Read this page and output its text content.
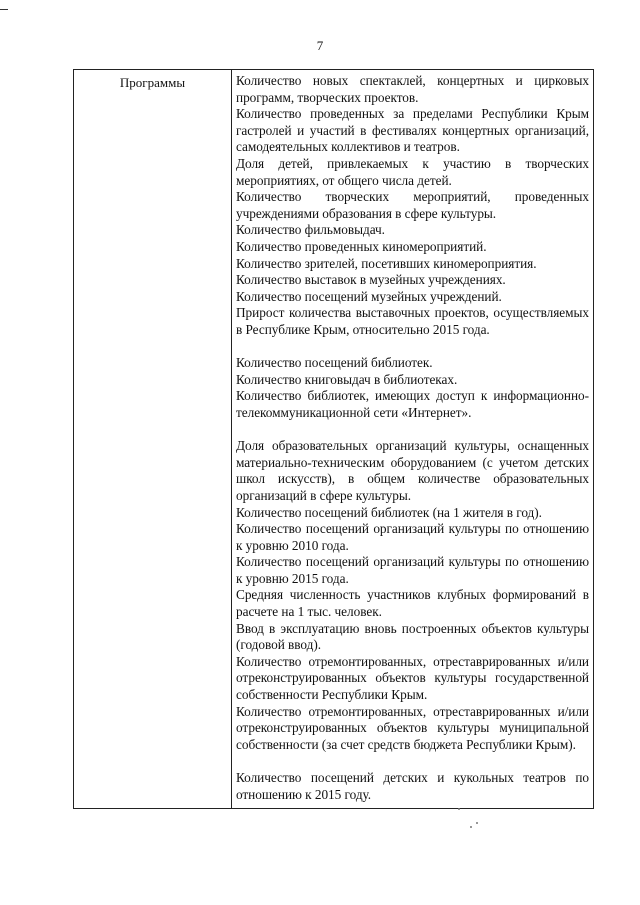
7
Программы	Количество новых спектаклей, концертных и цирковых программ, творческих проектов.
Количество проведенных за пределами Республики Крым гастролей и участий в фестивалях концертных организаций, самодеятельных коллективов и театров.
Доля детей, привлекаемых к участию в творческих мероприятиях, от общего числа детей.
Количество творческих мероприятий, проведенных учреждениями образования в сфере культуры.
Количество фильмовыдач.
Количество проведенных киномероприятий.
Количество зрителей, посетивших киномероприятия.
Количество выставок в музейных учреждениях.
Количество посещений музейных учреждений.
Прирост количества выставочных проектов, осуществляемых в Республике Крым, относительно 2015 года.
Количество посещений библиотек.
Количество книговыдач в библиотеках.
Количество библиотек, имеющих доступ к информационно-телекоммуникационной сети «Интернет».
Доля образовательных организаций культуры, оснащенных материально-техническим оборудованием (с учетом детских школ искусств), в общем количестве образовательных организаций в сфере культуры.
Количество посещений библиотек (на 1 жителя в год).
Количество посещений организаций культуры по отношению к уровню 2010 года.
Количество посещений организаций культуры по отношению к уровню 2015 года.
Средняя численность участников клубных формирований в расчете на 1 тыс. человек.
Ввод в эксплуатацию вновь построенных объектов культуры (годовой ввод).
Количество отремонтированных, отреставрированных и/или отреконструированных объектов культуры государственной собственности Республики Крым.
Количество отремонтированных, отреставрированных и/или отреконструированных объектов культуры муниципальной собственности (за счет средств бюджета Республики Крым).
Количество посещений детских и кукольных театров по отношению к 2015 году.
